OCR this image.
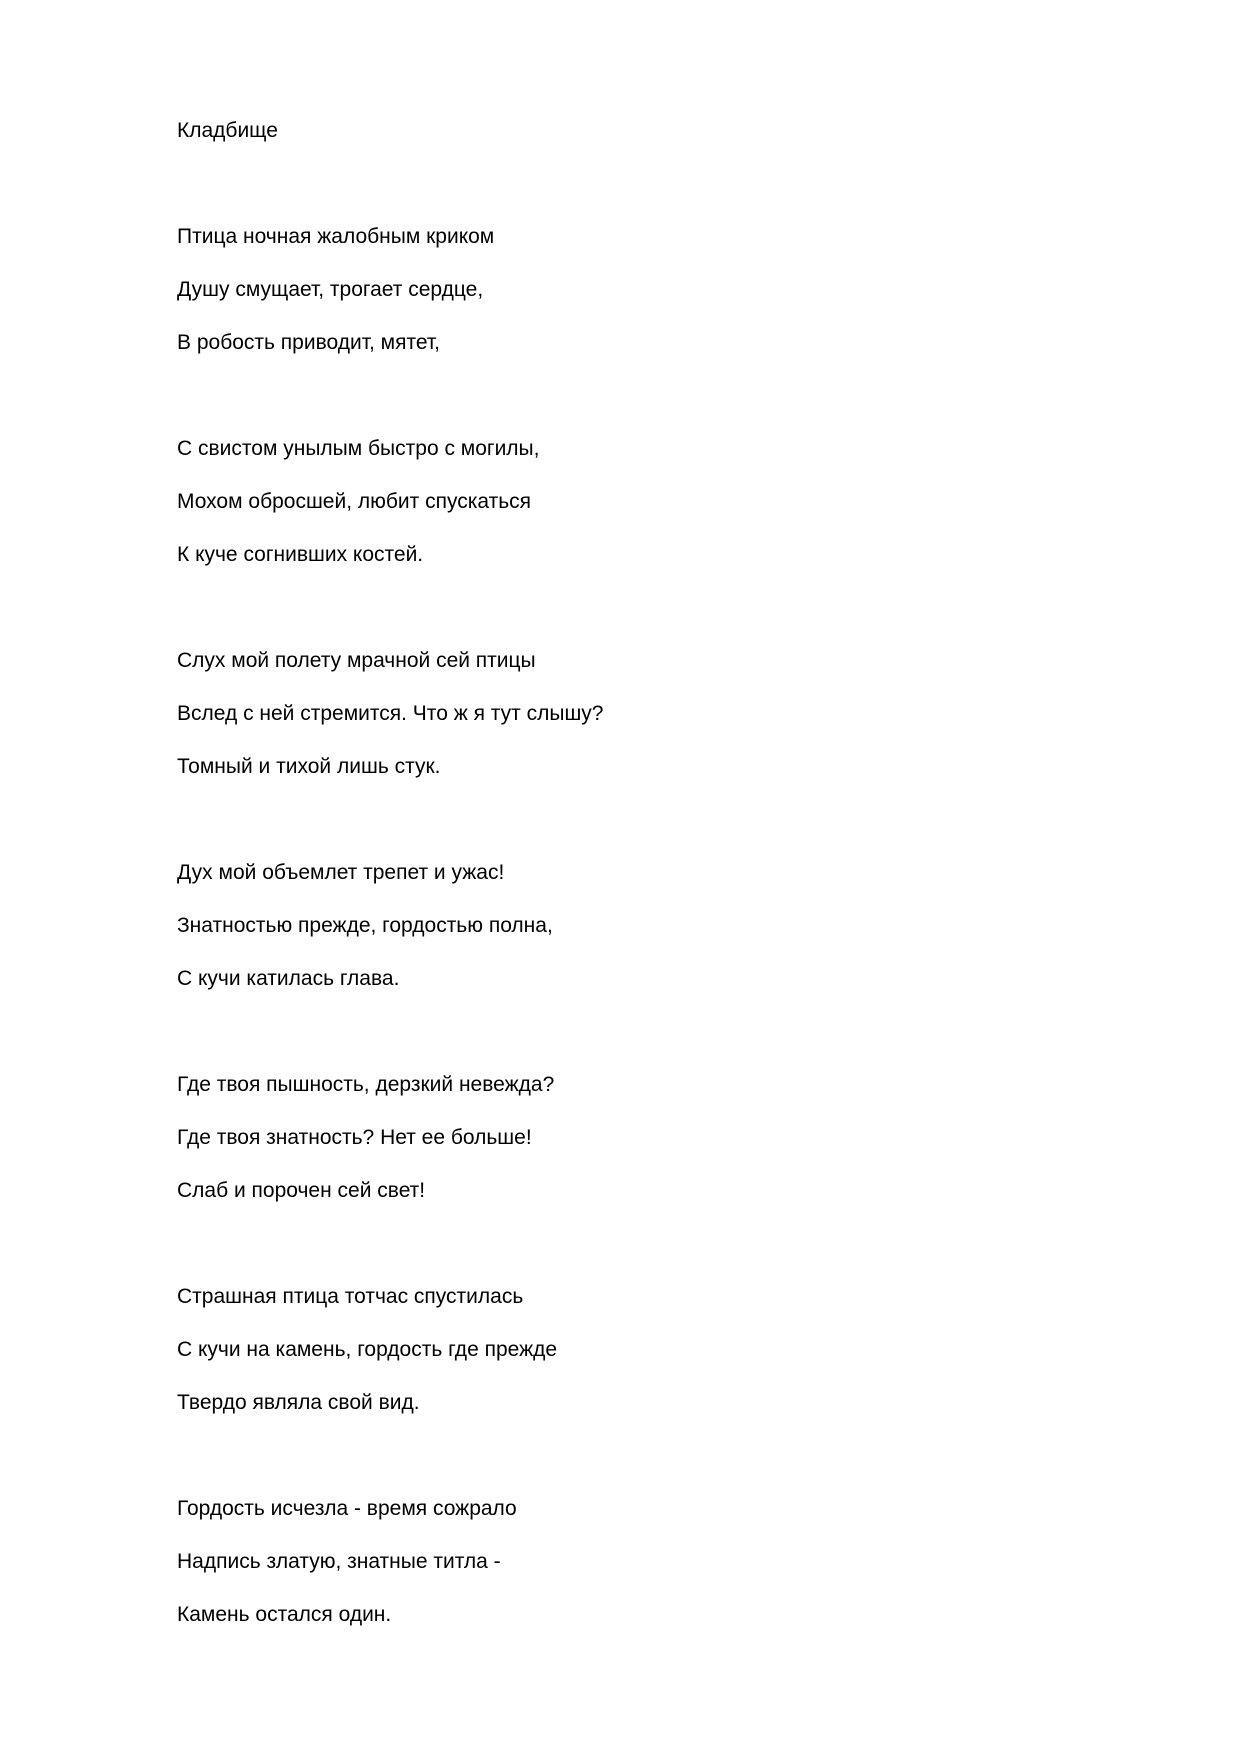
Кладбище
Птица ночная жалобным криком
Душу смущает, трогает сердце,
В робость приводит, мятет,
С свистом унылым быстро с могилы,
Мохом обросшей, любит спускаться
К куче согнивших костей.
Слух мой полету мрачной сей птицы
Вслед с ней стремится. Что ж я тут слышу?
Томный и тихой лишь стук.
Дух мой объемлет трепет и ужас!
Знатностью прежде, гордостью полна,
С кучи катилась глава.
Где твоя пышность, дерзкий невежда?
Где твоя знатность? Нет ее больше!
Слаб и порочен сей свет!
Страшная птица тотчас спустилась
С кучи на камень, гордость где прежде
Твердо являла свой вид.
Гордость исчезла - время сожрало
Надпись златую, знатные титла -
Камень остался один.
